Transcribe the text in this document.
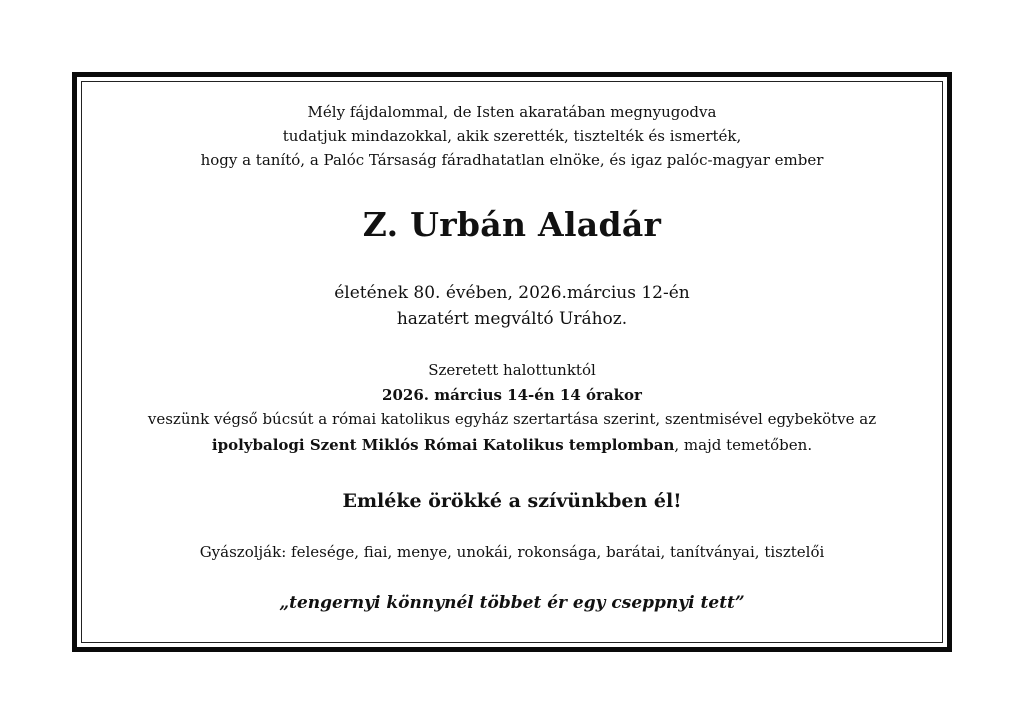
Mély fájdalommal, de Isten akaratában megnyugodva
tudatjuk mindazokkal, akik szerették, tisztelték és ismerték,
hogy a tanító, a Palóc Társaság fáradhatatlan elnöke, és igaz palóc-magyar ember
Z. Urbán Aladár
életének 80. évében, 2026.március 12-én
hazatért megváltó Urához.
Szeretett halottunktól
2026. március 14-én 14 órakor
veszünk végső búcsút a római katolikus egyház szertartása szerint, szentmisével egybekötve az
ipolybalogi Szent Miklós Római Katolikus templomban, majd temetőben.
Emléke örökké a szívünkben él!
Gyászolják: felesége, fiai, menye, unokái, rokonsága, barátai, tanítványai, tisztelői
„tengernyi könnynél többet ér egy cseppnyi tett”
